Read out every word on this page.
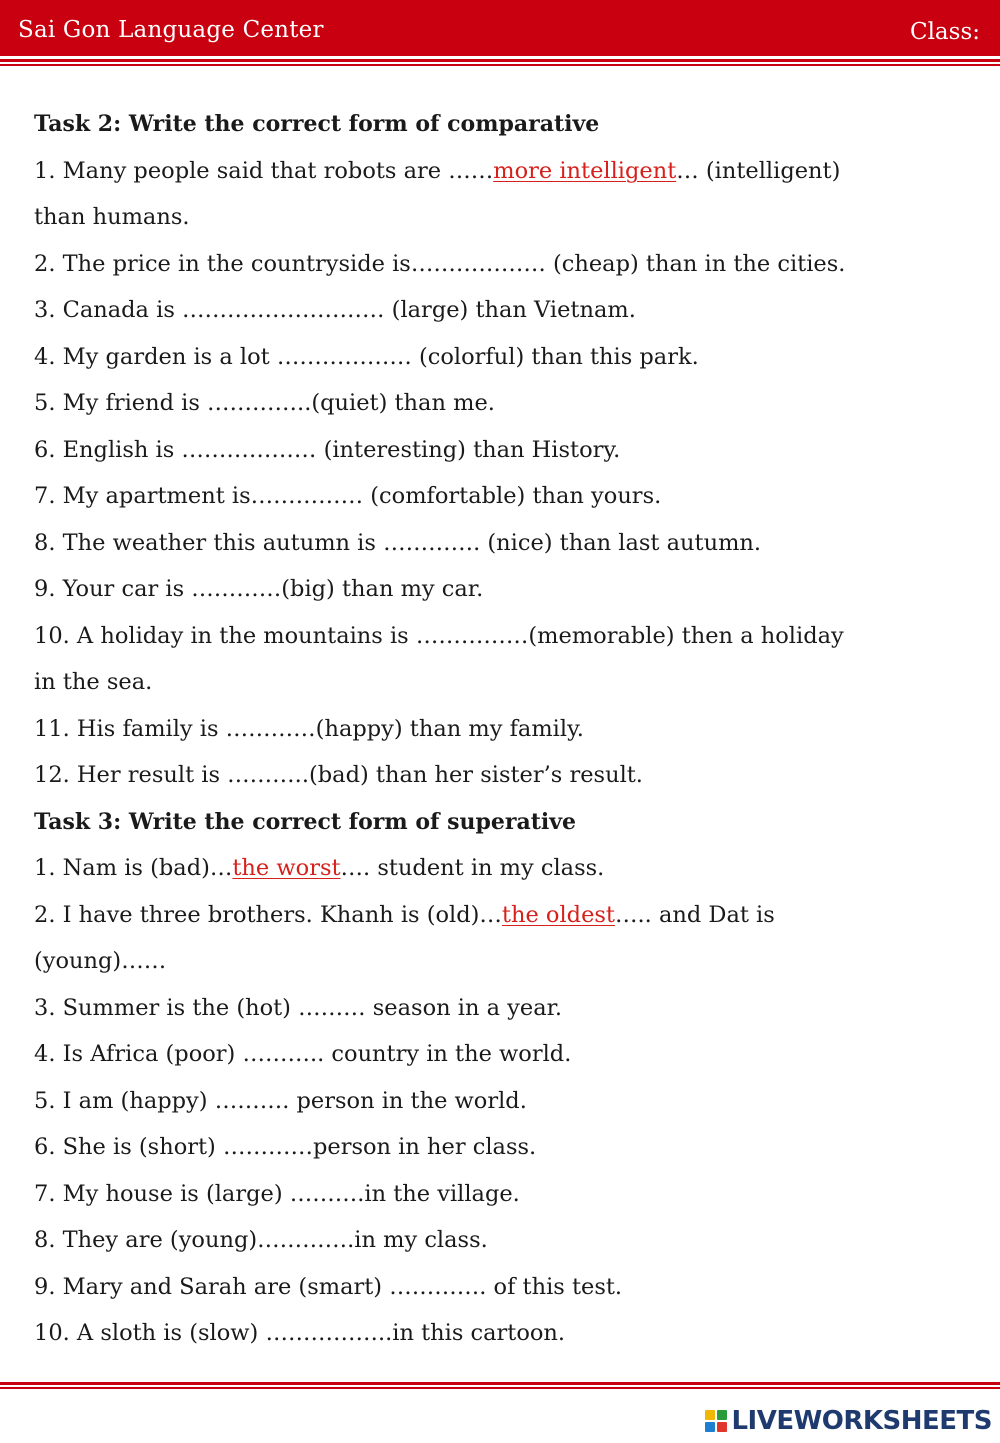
Sai Gon Language Center	Class:
Task 2: Write the correct form of comparative
1. Many people said that robots are ……more intelligent… (intelligent)
than humans.
2. The price in the countryside is……………… (cheap) than in the cities.
3. Canada is ……………………… (large) than Vietnam.
4. My garden is a lot ……………… (colorful) than this park.
5. My friend is …………..(quiet) than me.
6. English is ……………… (interesting) than History.
7. My apartment is…………… (comfortable) than yours.
8. The weather this autumn is …………. (nice) than last autumn.
9. Your car is …………(big) than my car.
10. A holiday in the mountains is ……………(memorable) then a holiday
in the sea.
11. His family is …………(happy) than my family.
12. Her result is ………..(bad) than her sister’s result.
Task 3: Write the correct form of superative
1. Nam is (bad)…the worst…. student in my class.
2. I have three brothers. Khanh is (old)…the oldest….. and Dat is
(young)……
3. Summer is the (hot) ……… season in a year.
4. Is Africa (poor) ……….. country in the world.
5. I am (happy) ………. person in the world.
6. She is (short) …………person in her class.
7. My house is (large) ……….in the village.
8. They are (young)………….in my class.
9. Mary and Sarah are (smart) …………. of this test.
10. A sloth is (slow) ……………..in this cartoon.
LIVEWORKSHEETS
